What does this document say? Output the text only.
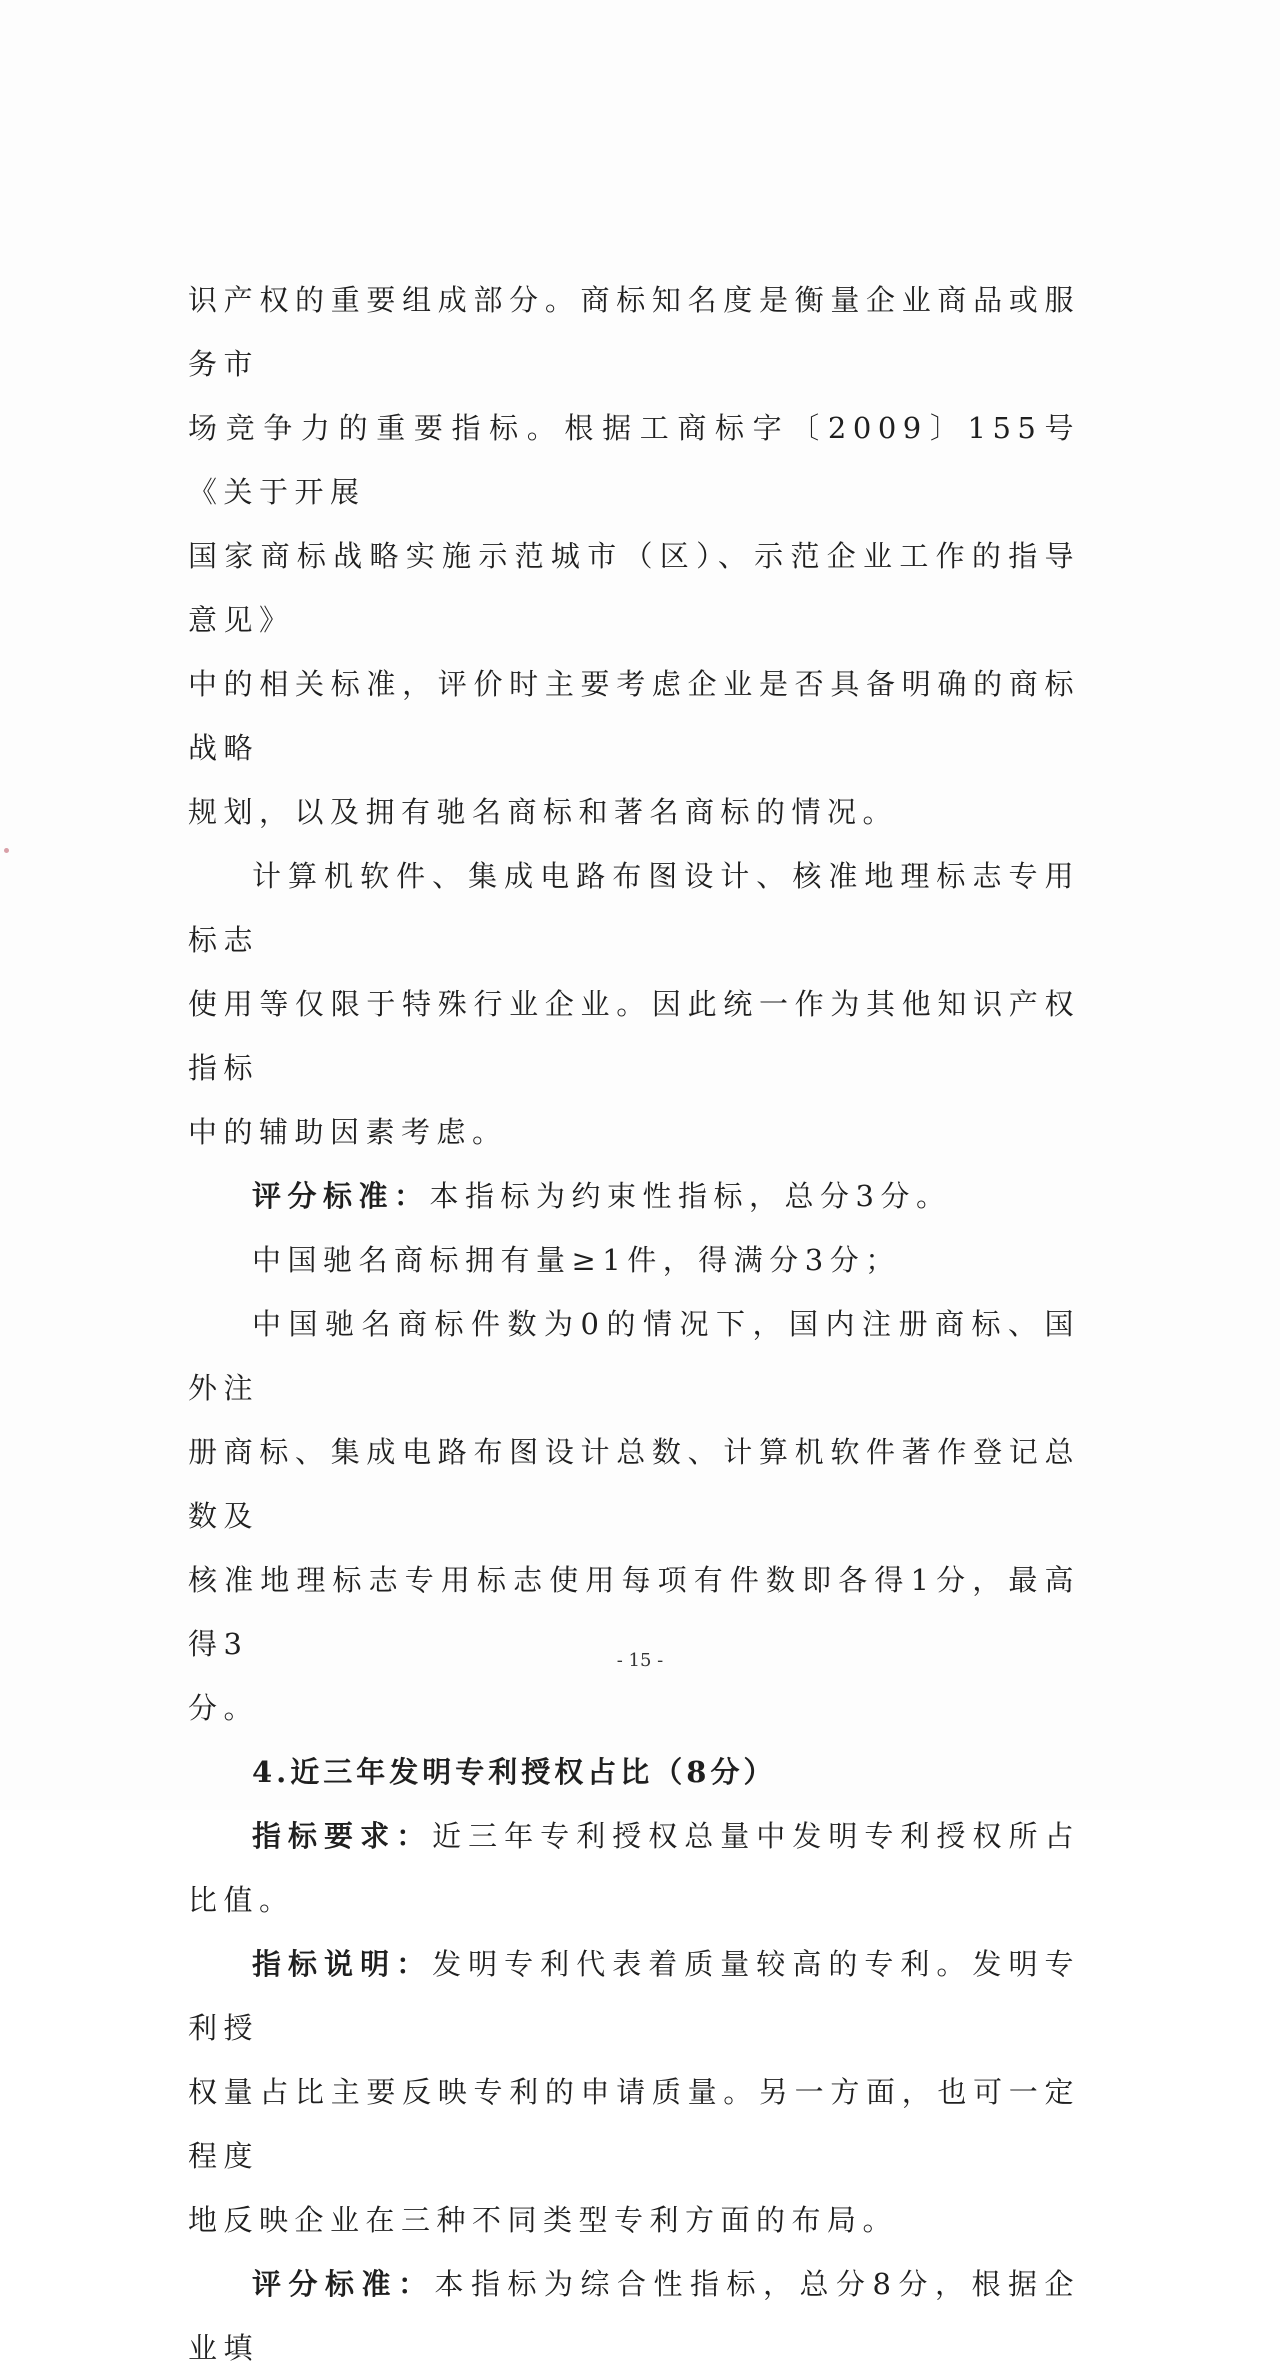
识产权的重要组成部分。商标知名度是衡量企业商品或服务市
场竞争力的重要指标。根据工商标字〔2009〕155号《关于开展
国家商标战略实施示范城市（区）、示范企业工作的指导意见》
中的相关标准，评价时主要考虑企业是否具备明确的商标战略
规划，以及拥有驰名商标和著名商标的情况。
计算机软件、集成电路布图设计、核准地理标志专用标志
使用等仅限于特殊行业企业。因此统一作为其他知识产权指标
中的辅助因素考虑。

评分标准：本指标为约束性指标，总分3分。

中国驰名商标拥有量≥1件，得满分3分；

中国驰名商标件数为0的情况下，国内注册商标、国外注
册商标、集成电路布图设计总数、计算机软件著作登记总数及
核准地理标志专用标志使用每项有件数即各得1分，最高得3
分。

4.近三年发明专利授权占比（8分）

指标要求：近三年专利授权总量中发明专利授权所占比值。

指标说明：发明专利代表着质量较高的专利。发明专利授
权量占比主要反映专利的申请质量。另一方面，也可一定程度
地反映企业在三种不同类型专利方面的布局。

评分标准：本指标为综合性指标，总分8分，根据企业填

- 15 -
